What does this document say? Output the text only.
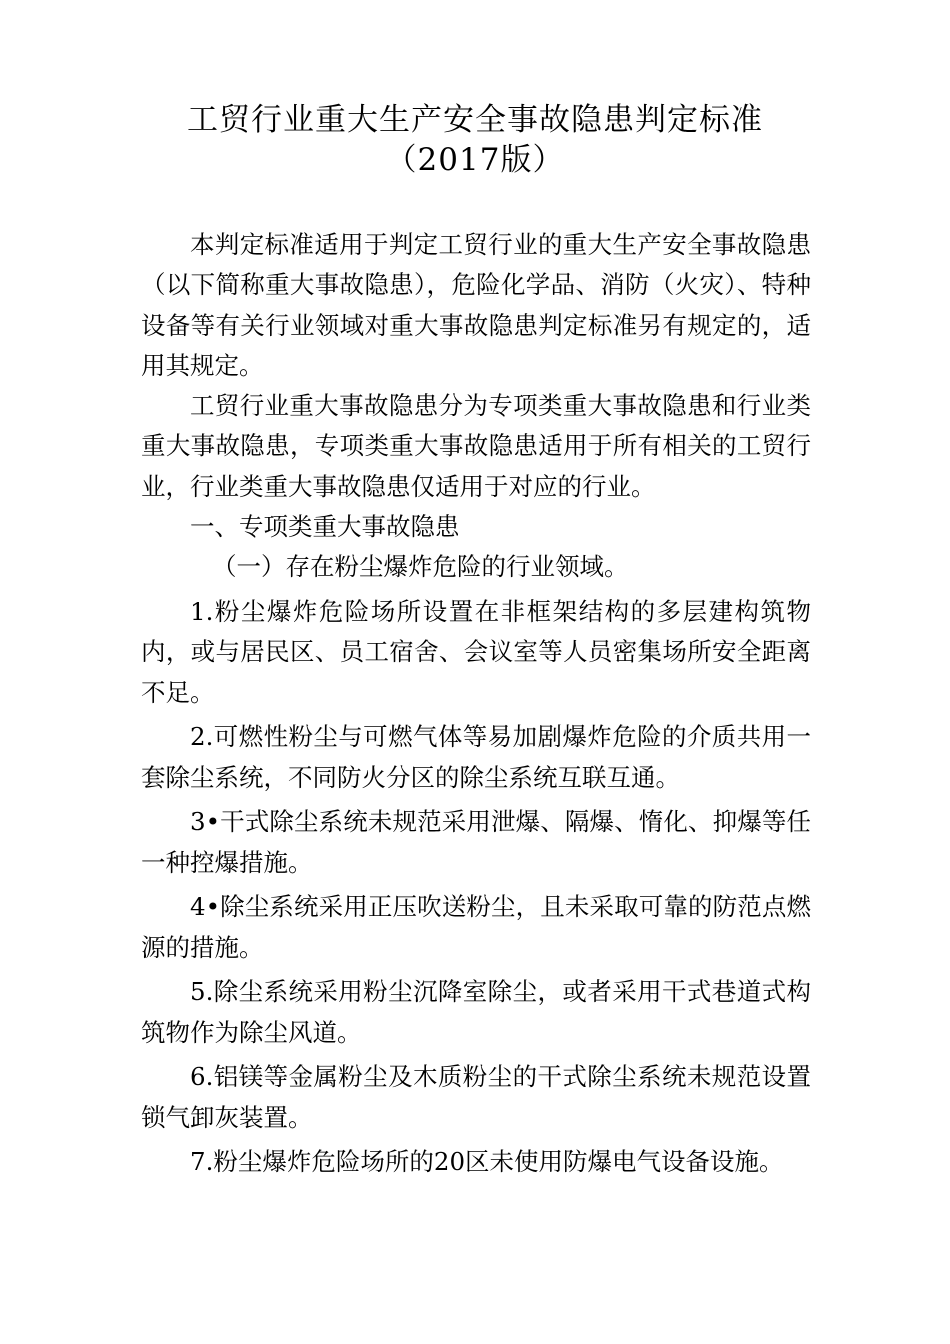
工贸行业重大生产安全事故隐患判定标准
（2017版）

本判定标准适用于判定工贸行业的重大生产安全事故隐患（以下简称重大事故隐患），危险化学品、消防（火灾）、特种设备等有关行业领域对重大事故隐患判定标准另有规定的，适用其规定。

工贸行业重大事故隐患分为专项类重大事故隐患和行业类重大事故隐患，专项类重大事故隐患适用于所有相关的工贸行业，行业类重大事故隐患仅适用于对应的行业。

一、专项类重大事故隐患

（一）存在粉尘爆炸危险的行业领域。

1.粉尘爆炸危险场所设置在非框架结构的多层建构筑物内，或与居民区、员工宿舍、会议室等人员密集场所安全距离不足。

2.可燃性粉尘与可燃气体等易加剧爆炸危险的介质共用一套除尘系统，不同防火分区的除尘系统互联互通。

3•干式除尘系统未规范采用泄爆、隔爆、惰化、抑爆等任一种控爆措施。

4•除尘系统采用正压吹送粉尘，且未采取可靠的防范点燃源的措施。

5.除尘系统采用粉尘沉降室除尘，或者采用干式巷道式构筑物作为除尘风道。

6.铝镁等金属粉尘及木质粉尘的干式除尘系统未规范设置锁气卸灰装置。

7.粉尘爆炸危险场所的20区未使用防爆电气设备设施。
